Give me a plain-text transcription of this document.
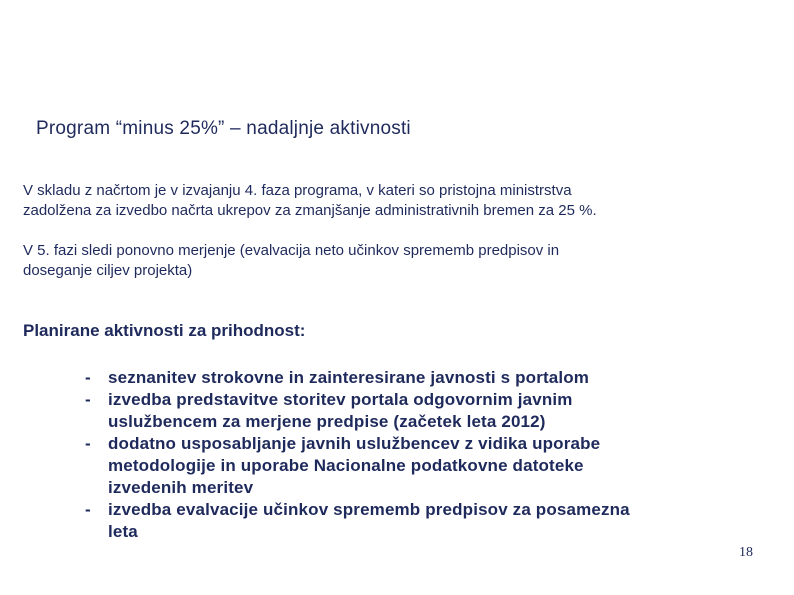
Program “minus 25%” – nadaljnje aktivnosti
V skladu z načrtom je v izvajanju 4. faza programa, v kateri so pristojna ministrstva
zadolžena za izvedbo načrta ukrepov za zmanjšanje administrativnih bremen za 25 %.
V 5. fazi sledi ponovno merjenje (evalvacija neto učinkov sprememb predpisov in
doseganje ciljev projekta)
Planirane aktivnosti za prihodnost:
- seznanitev strokovne in zainteresirane javnosti s portalom
- izvedba predstavitve storitev portala odgovornim javnim
uslužbencem za merjene predpise (začetek leta 2012)
- dodatno usposabljanje javnih uslužbencev z vidika uporabe
metodologije in uporabe Nacionalne podatkovne datoteke
izvedenih meritev
- izvedba evalvacije učinkov sprememb predpisov za posamezna
leta
18
